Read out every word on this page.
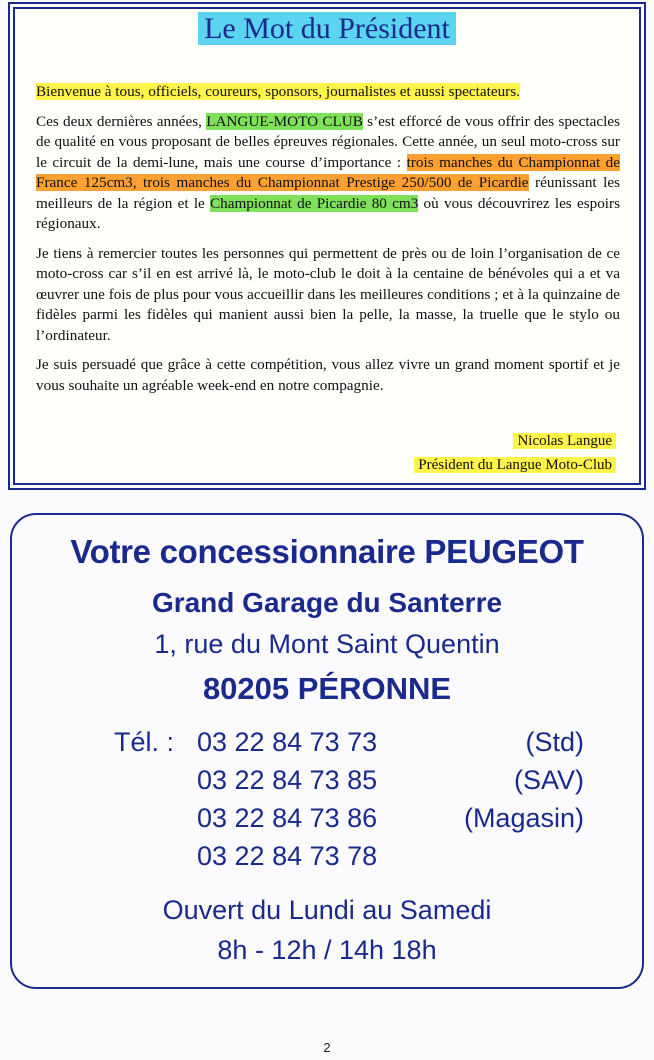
Le Mot du Président

Bienvenue à tous, officiels, coureurs, sponsors, journalistes et aussi spectateurs.

Ces deux dernières années, LANGUE-MOTO CLUB s’est efforcé de vous offrir des spectacles de qualité en vous proposant de belles épreuves régionales. Cette année, un seul moto-cross sur le circuit de la demi-lune, mais une course d’importance : trois manches du Championnat de France 125cm3, trois manches du Championnat Prestige 250/500 de Picardie réunissant les meilleurs de la région et le Championnat de Picardie 80 cm3 où vous découvrirez les espoirs régionaux.

Je tiens à remercier toutes les personnes qui permettent de près ou de loin l’organisation de ce moto-cross car s’il en est arrivé là, le moto-club le doit à la centaine de bénévoles qui a et va œuvrer une fois de plus pour vous accueillir dans les meilleures conditions ; et à la quinzaine de fidèles parmi les fidèles qui manient aussi bien la pelle, la masse, la truelle que le stylo ou l’ordinateur.

Je suis persuadé que grâce à cette compétition, vous allez vivre un grand moment sportif et je vous souhaite un agréable week-end en notre compagnie.

Nicolas Langue
Président du Langue Moto-Club
Votre concessionnaire PEUGEOT
Grand Garage du Santerre
1, rue du Mont Saint Quentin
80205 PÉRONNE
Tél. : 03 22 84 73 73	(Std)
03 22 84 73 85	(SAV)
03 22 84 73 86	(Magasin)
03 22 84 73 78
Ouvert du Lundi au Samedi
8h - 12h / 14h 18h
2
